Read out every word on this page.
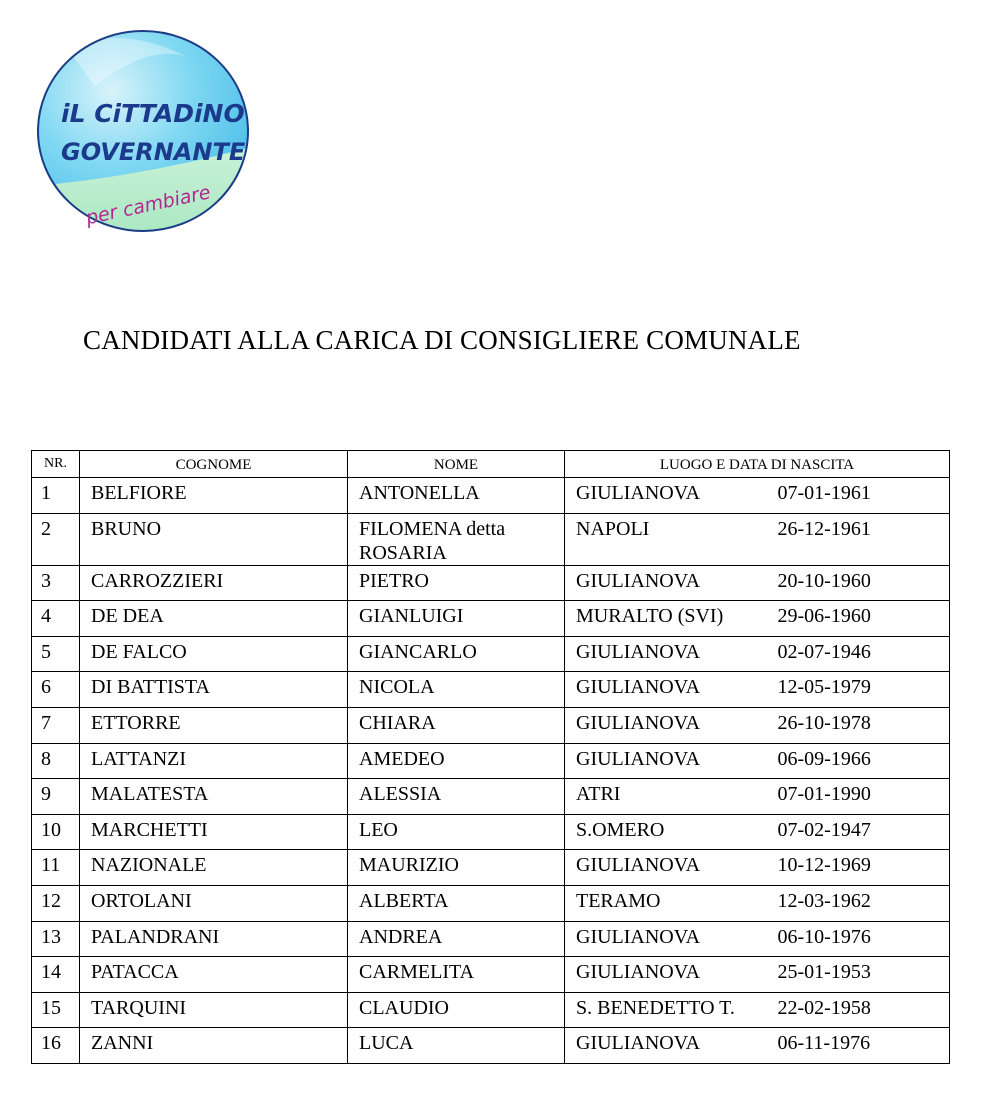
iL CiTTADiNO
GOVERNANTE
per cambiare
CANDIDATI ALLA CARICA DI CONSIGLIERE COMUNALE
NR.	COGNOME	NOME	LUOGO E DATA DI NASCITA	
1	BELFIORE	ANTONELLA	GIULIANOVA	07-01-1961
2	BRUNO	FILOMENA detta ROSARIA	NAPOLI	26-12-1961
3	CARROZZIERI	PIETRO	GIULIANOVA	20-10-1960
4	DE DEA	GIANLUIGI	MURALTO (SVI)	29-06-1960
5	DE FALCO	GIANCARLO	GIULIANOVA	02-07-1946
6	DI BATTISTA	NICOLA	GIULIANOVA	12-05-1979
7	ETTORRE	CHIARA	GIULIANOVA	26-10-1978
8	LATTANZI	AMEDEO	GIULIANOVA	06-09-1966
9	MALATESTA	ALESSIA	ATRI	07-01-1990
10	MARCHETTI	LEO	S.OMERO	07-02-1947
11	NAZIONALE	MAURIZIO	GIULIANOVA	10-12-1969
12	ORTOLANI	ALBERTA	TERAMO	12-03-1962
13	PALANDRANI	ANDREA	GIULIANOVA	06-10-1976
14	PATACCA	CARMELITA	GIULIANOVA	25-01-1953
15	TARQUINI	CLAUDIO	S. BENEDETTO T.	22-02-1958
16	ZANNI	LUCA	GIULIANOVA	06-11-1976
